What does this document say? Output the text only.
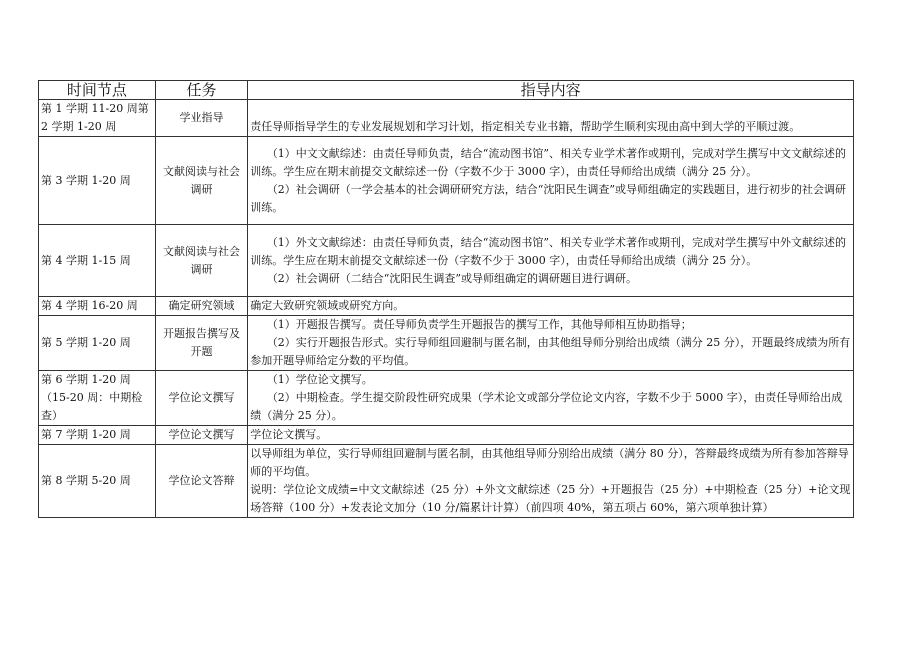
时间节点	任务	指导内容
第 1 学期 11-20 周第 2 学期 1-20 周	学业指导	责任导师指导学生的专业发展规划和学习计划，指定相关专业书籍，帮助学生顺利实现由高中到大学的平顺过渡。

第 3 学期 1-20 周	文献阅读与社会调研	（1）中文文献综述：由责任导师负责，结合“流动图书馆”、相关专业学术著作或期刊，完成对学生撰写中文文献综述的训练。学生应在期末前提交文献综述一份（字数不少于 3000 字），由责任导师给出成绩（满分 25 分）。
（2）社会调研（一学会基本的社会调研研究方法，结合“沈阳民生调查”或导师组确定的实践题目，进行初步的社会调研训练。

第 4 学期 1-15 周	文献阅读与社会调研	（1）外文文献综述：由责任导师负责，结合“流动图书馆”、相关专业学术著作或期刊，完成对学生撰写中外文献综述的训练。学生应在期末前提交文献综述一份（字数不少于 3000 字），由责任导师给出成绩（满分 25 分）。
（2）社会调研（二结合“沈阳民生调查”或导师组确定的调研题目进行调研。

第 4 学期 16-20 周	确定研究领域	确定大致研究领域或研究方向。

第 5 学期 1-20 周	开题报告撰写及开题	（1）开题报告撰写。责任导师负责学生开题报告的撰写工作，其他导师相互协助指导；
（2）实行开题报告形式。实行导师组回避制与匿名制，由其他组导师分别给出成绩（满分 25 分），开题最终成绩为所有参加开题导师给定分数的平均值。

第 6 学期 1-20 周（15-20 周：中期检查）	学位论文撰写	（1）学位论文撰写。
（2）中期检查。学生提交阶段性研究成果（学术论文或部分学位论文内容，字数不少于 5000 字），由责任导师给出成绩（满分 25 分）。

第 7 学期 1-20 周	学位论文撰写	学位论文撰写。

第 8 学期 5-20 周	学位论文答辩	以导师组为单位，实行导师组回避制与匿名制，由其他组导师分别给出成绩（满分 80 分），答辩最终成绩为所有参加答辩导师的平均值。
说明：学位论文成绩=中文文献综述（25 分）+外文文献综述（25 分）+开题报告（25 分）+中期检查（25 分）+论文现场答辩（100 分）+发表论文加分（10 分/篇累计计算）（前四项 40%，第五项占 60%，第六项单独计算）
